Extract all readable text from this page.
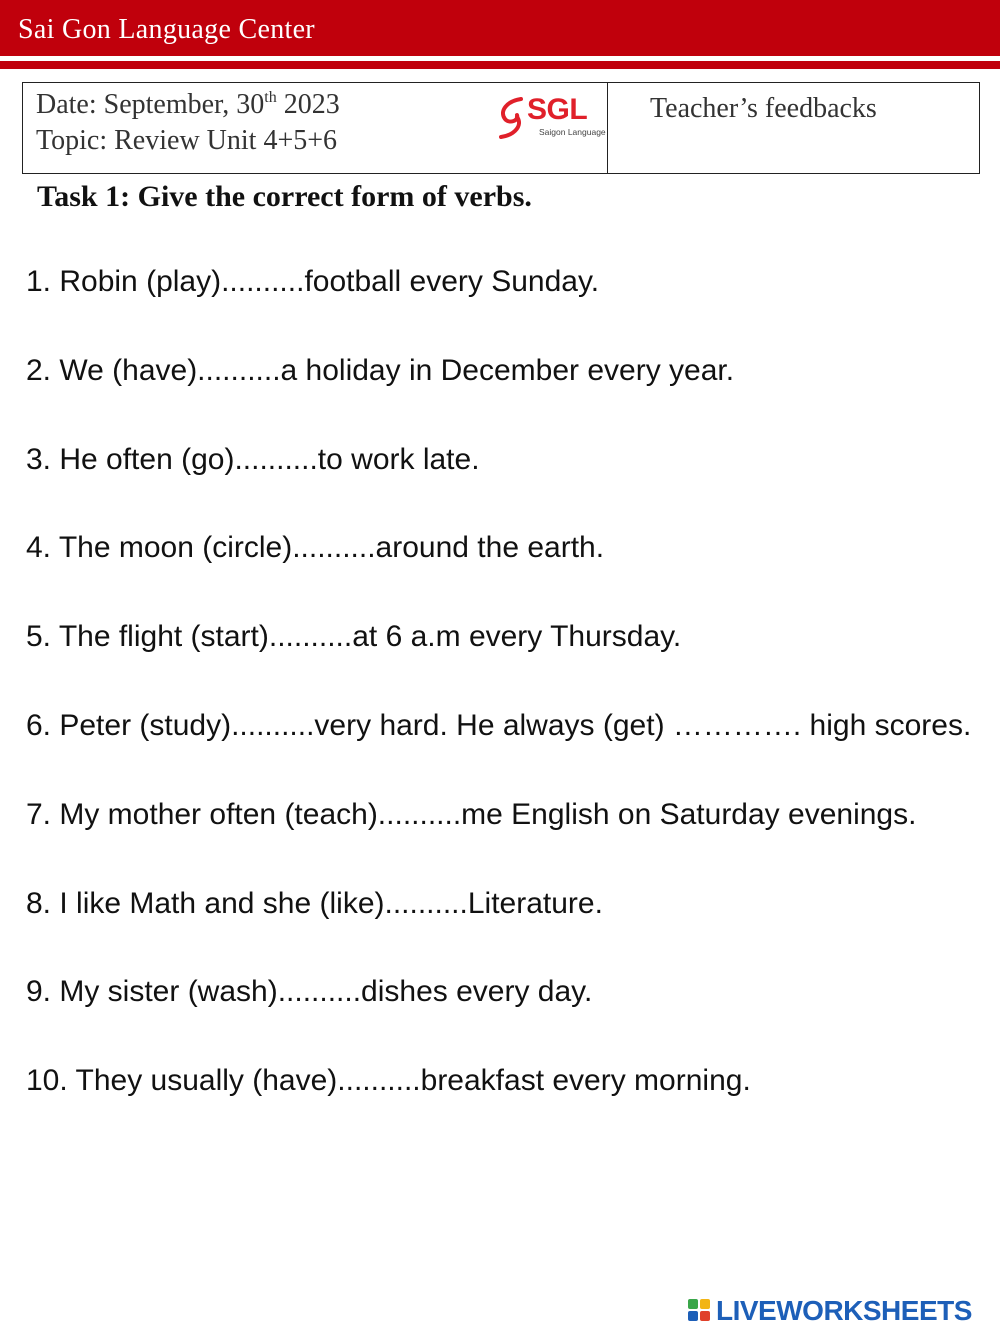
Sai Gon Language Center
Date: September, 30th 2023
Topic: Review Unit 4+5+6
SGL
Saigon Language
Teacher’s feedbacks
Task 1: Give the correct form of verbs.

1. Robin (play)..........football every Sunday.

2. We (have)..........a holiday in December every year.

3. He often (go)..........to work late.

4. The moon (circle)..........around the earth.

5. The flight (start)..........at 6 a.m every Thursday.

6. Peter (study)..........very hard. He always (get) …………. high scores.

7. My mother often (teach)..........me English on Saturday evenings.

8. I like Math and she (like)..........Literature.

9. My sister (wash)..........dishes every day.

10. They usually (have)..........breakfast every morning.

LIVEWORKSHEETS
